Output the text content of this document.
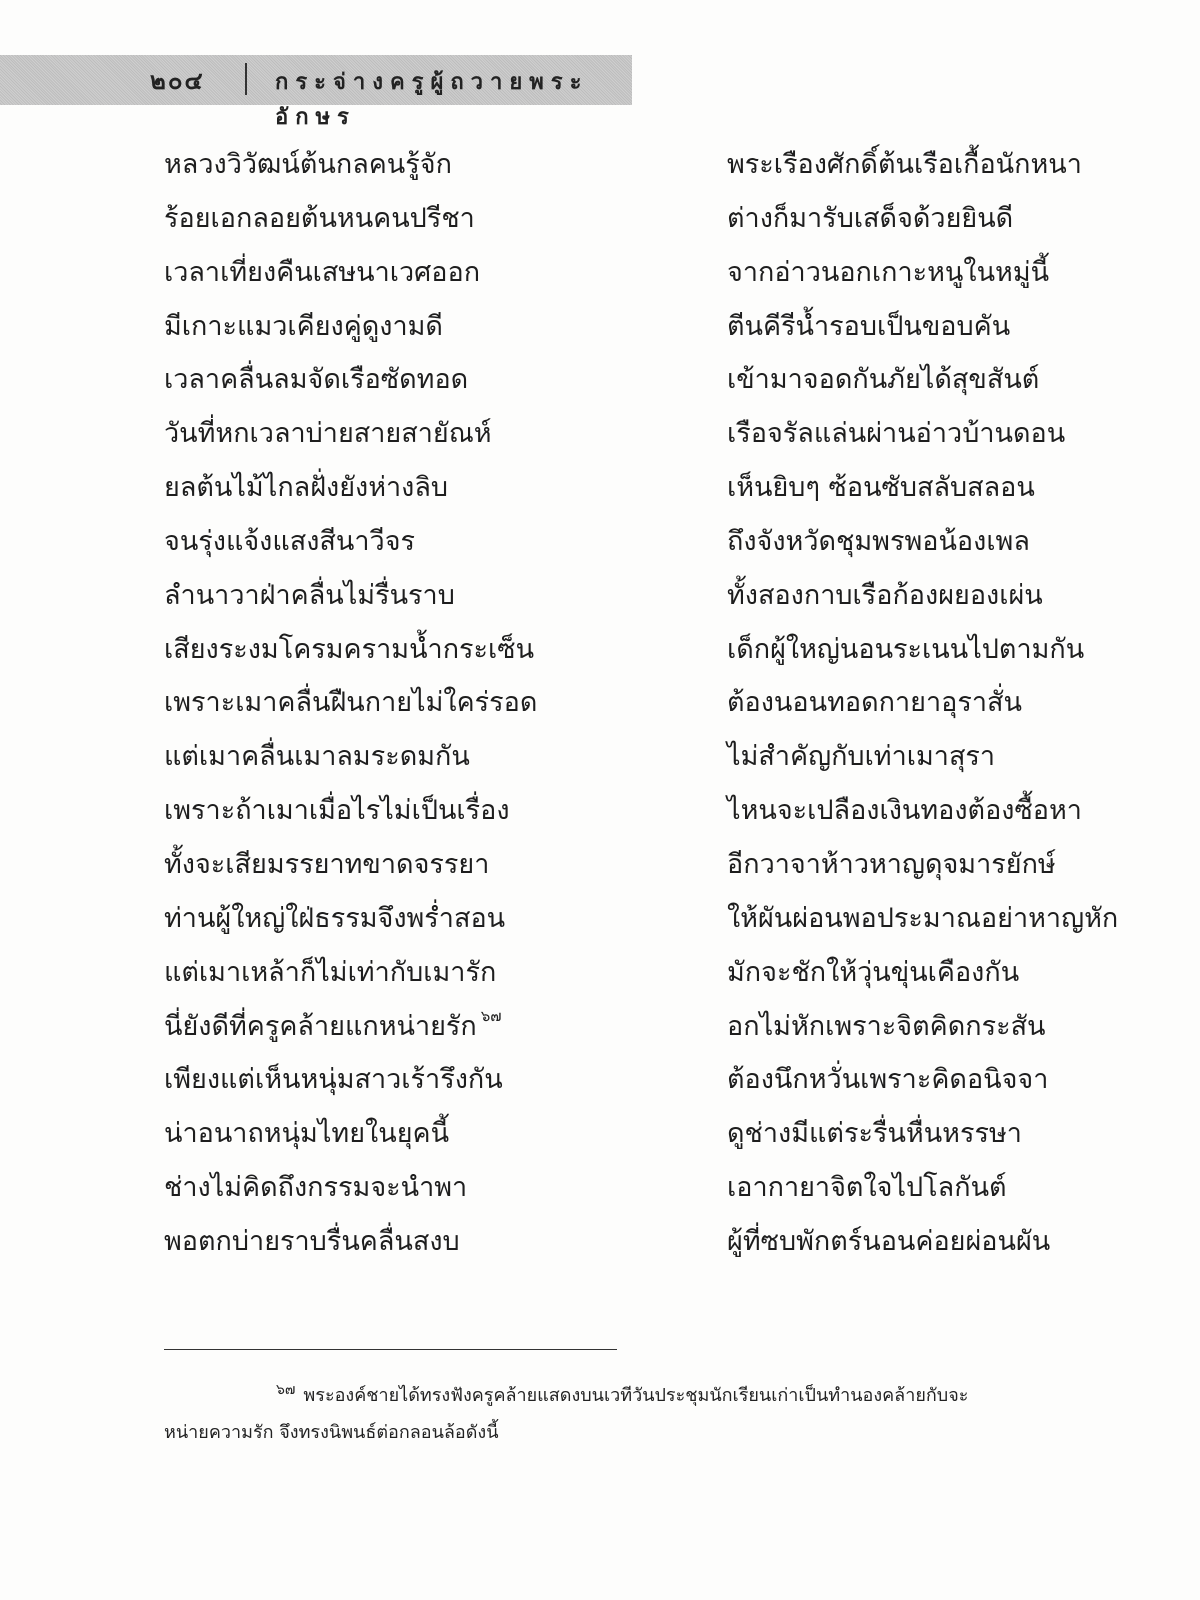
๒๐๔	กระจ่างครูผู้ถวายพระอักษร
หลวงวิวัฒน์ต้นกลคนรู้จัก
ร้อยเอกลอยต้นหนคนปรีชา
เวลาเที่ยงคืนเสษนาเวศออก
มีเกาะแมวเคียงคู่ดูงามดี
เวลาคลื่นลมจัดเรือซัดทอด
วันที่หกเวลาบ่ายสายสายัณห์
ยลต้นไม้ไกลฝั่งยังห่างลิบ
จนรุ่งแจ้งแสงสีนาวีจร
ลำนาวาฝ่าคลื่นไม่รื่นราบ
เสียงระงมโครมครามน้ำกระเซ็น
เพราะเมาคลื่นฝืนกายไม่ใคร่รอด
แต่เมาคลื่นเมาลมระดมกัน
เพราะถ้าเมาเมื่อไรไม่เป็นเรื่อง
ทั้งจะเสียมรรยาทขาดจรรยา
ท่านผู้ใหญ่ใฝ่ธรรมจึงพร่ำสอน
แต่เมาเหล้าก็ไม่เท่ากับเมารัก
นี่ยังดีที่ครูคล้ายแกหน่ายรัก $^{๖๗}$
เพียงแต่เห็นหนุ่มสาวเร้ารึงกัน
น่าอนาถหนุ่มไทยในยุคนี้
ช่างไม่คิดถึงกรรมจะนำพา
พอตกบ่ายราบรื่นคลื่นสงบ
พระเรืองศักดิ์ต้นเรือเกื้อนักหนา
ต่างก็มารับเสด็จด้วยยินดี
จากอ่าวนอกเกาะหนูในหมู่นี้
ตีนคีรีน้ำรอบเป็นขอบคัน
เข้ามาจอดกันภัยได้สุขสันต์
เรือจรัลแล่นผ่านอ่าวบ้านดอน
เห็นยิบๆ ซ้อนซับสลับสลอน
ถึงจังหวัดชุมพรพอน้องเพล
ทั้งสองกาบเรือก้องผยองเผ่น
เด็กผู้ใหญ่นอนระเนนไปตามกัน
ต้องนอนทอดกายาอุราสั่น
ไม่สำคัญกับเท่าเมาสุรา
ไหนจะเปลืองเงินทองต้องซื้อหา
อีกวาจาห้าวหาญดุจมารยักษ์
ให้ผันผ่อนพอประมาณอย่าหาญหัก
มักจะชักให้วุ่นขุ่นเคืองกัน
อกไม่หักเพราะจิตคิดกระสัน
ต้องนึกหวั่นเพราะคิดอนิจจา
ดูช่างมีแต่ระรื่นหื่นหรรษา
เอากายาจิตใจไปโลกันต์
ผู้ที่ซบพักตร์นอนค่อยผ่อนผัน
$^{๖๗}$ พระองค์ชายได้ทรงฟังครูคล้ายแสดงบนเวทีวันประชุมนักเรียนเก่าเป็นทำนองคล้ายกับจะ
หน่ายความรัก จึงทรงนิพนธ์ต่อกลอนล้อดังนี้
